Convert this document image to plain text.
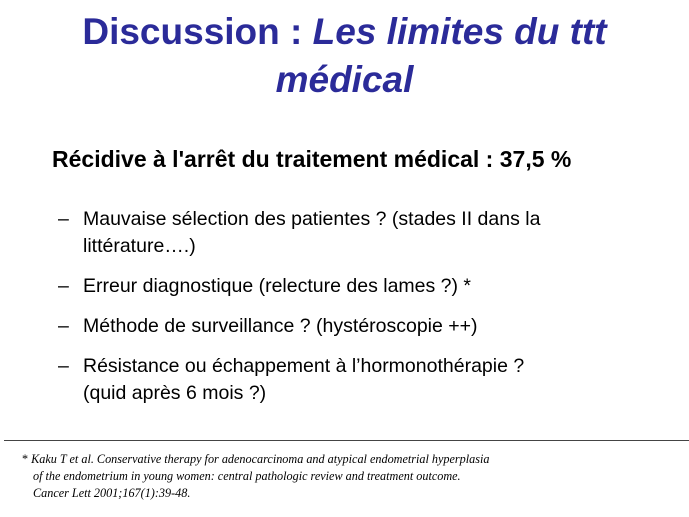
Discussion : Les limites du ttt
médical

Récidive à l'arrêt du traitement médical : 37,5 %

– Mauvaise sélection des patientes ? (stades II dans la
littérature….)
– Erreur diagnostique (relecture des lames ?) *
– Méthode de surveillance ? (hystéroscopie ++)
– Résistance ou échappement à l’hormonothérapie ?
(quid après 6 mois ?)

* Kaku T et al. Conservative therapy for adenocarcinoma and atypical endometrial hyperplasia
of the endometrium in young women: central pathologic review and treatment outcome.
Cancer Lett 2001;167(1):39-48.
